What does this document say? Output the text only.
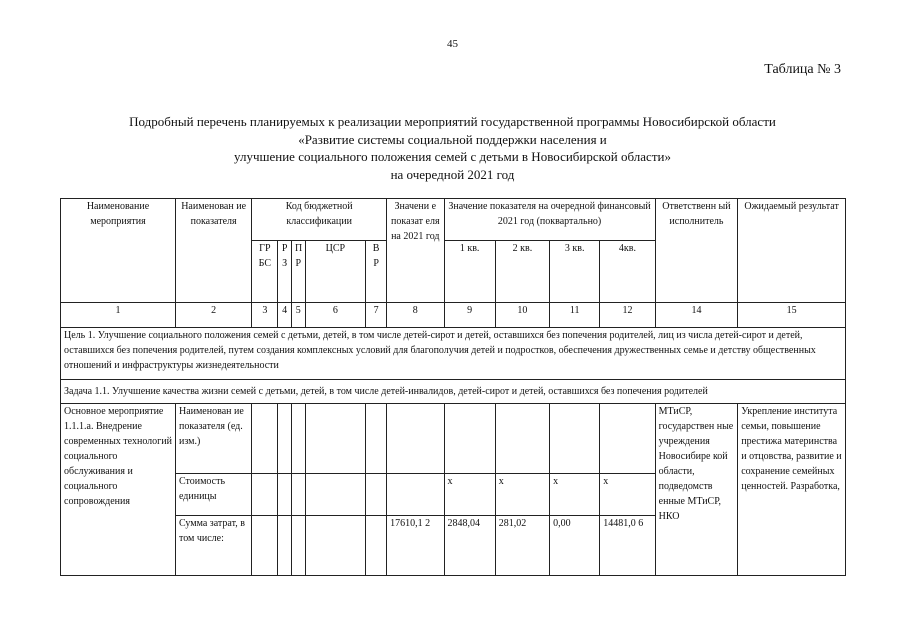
45
Таблица № 3
Подробный перечень планируемых к реализации мероприятий государственной программы Новосибирской области
«Развитие системы социальной поддержки населения и
улучшение социального положения семей с детьми в Новосибирской области»
на очередной 2021 год
Наименование мероприятия	Наименован ие показателя	Код бюджетной классификации					Значени е показат еля на 2021 год	Значение показателя на очередной финансовый 2021 год (поквартально)				Ответственн ый исполнитель	Ожидаемый результат
		ГР БС	Р З	П Р	ЦСР	В Р		1 кв.	2 кв.	3 кв.	4кв.		
1	2	3	4	5	6	7	8	9	10	11	12	14	15
Цель 1. Улучшение социального положения семей с детьми, детей, в том числе детей-сирот и детей, оставшихся без попечения родителей, лиц из числа детей-сирот и детей, оставшихся без попечения родителей, путем создания комплексных условий для благополучия детей и подростков, обеспечения дружественных семье и детству общественных отношений и инфраструктуры жизнедеятельности													
Задача 1.1. Улучшение качества жизни семей с детьми, детей, в том числе детей-инвалидов, детей-сирот и детей, оставшихся без попечения родителей													
Основное мероприятие 1.1.1.а. Внедрение современных технологий социального обслуживания и социального сопровождения	Наименован ие показателя (ед. изм.)											МТиСР, государствен ные учреждения Новосибире кой области, подведомств енные МТиСР, НКО	Укрепление института семьи, повышение престижа материнства и отцовства, развитие и сохранение семейных ценностей. Разработка,
	Стоимость единицы							x	x	x	x		
	Сумма затрат, в том числе:						17610,1 2	2848,04	281,02	0,00	14481,0 6		
